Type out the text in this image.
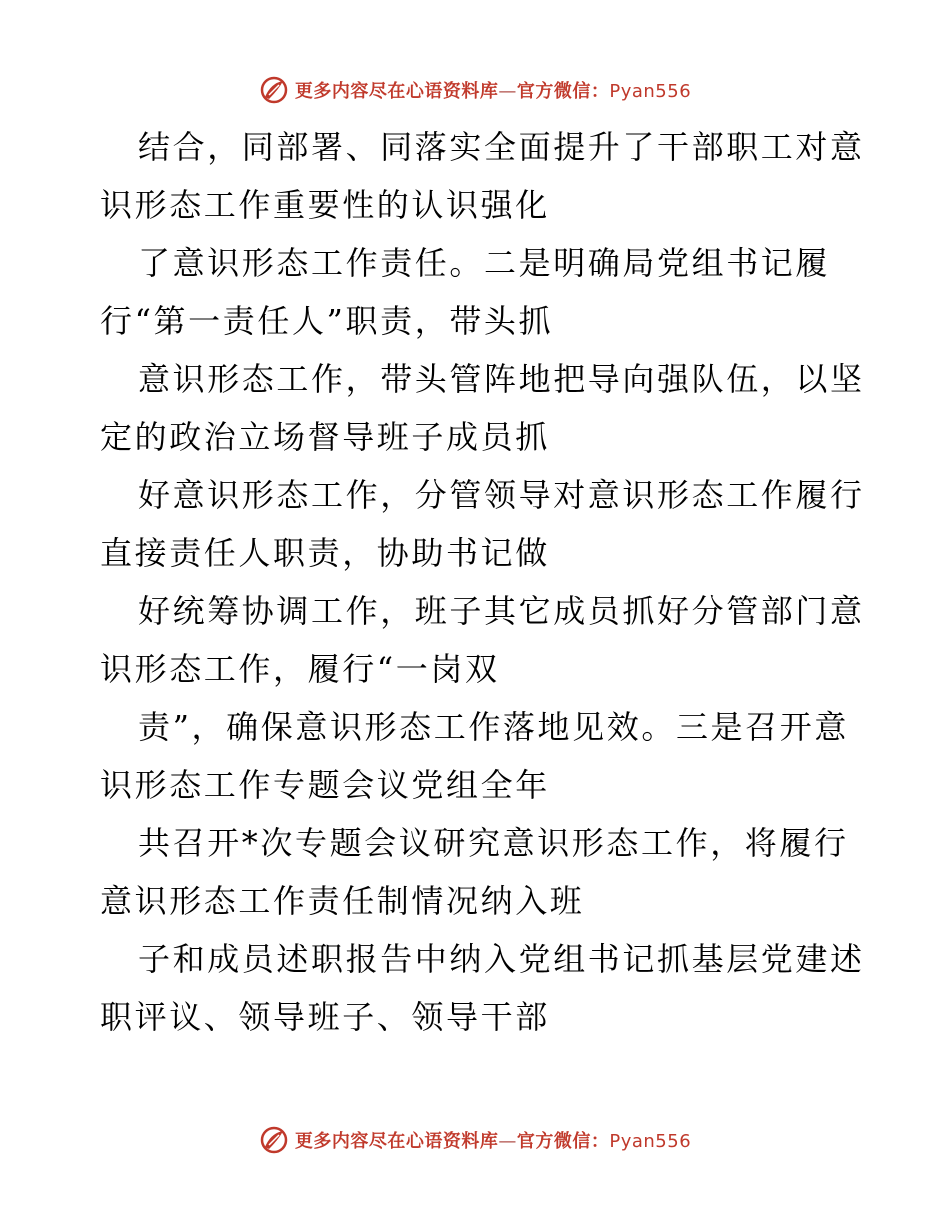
更多内容尽在心语资料库—官方微信：Pyan556
结合，同部署、同落实全面提升了干部职工对意
识形态工作重要性的认识强化
了意识形态工作责任。二是明确局党组书记履
行“第一责任人”职责，带头抓
意识形态工作，带头管阵地把导向强队伍，以坚
定的政治立场督导班子成员抓
好意识形态工作，分管领导对意识形态工作履行
直接责任人职责，协助书记做
好统筹协调工作，班子其它成员抓好分管部门意
识形态工作，履行“一岗双
责”，确保意识形态工作落地见效。三是召开意
识形态工作专题会议党组全年
共召开*次专题会议研究意识形态工作，将履行
意识形态工作责任制情况纳入班
子和成员述职报告中纳入党组书记抓基层党建述
职评议、领导班子、领导干部
更多内容尽在心语资料库—官方微信：Pyan556
